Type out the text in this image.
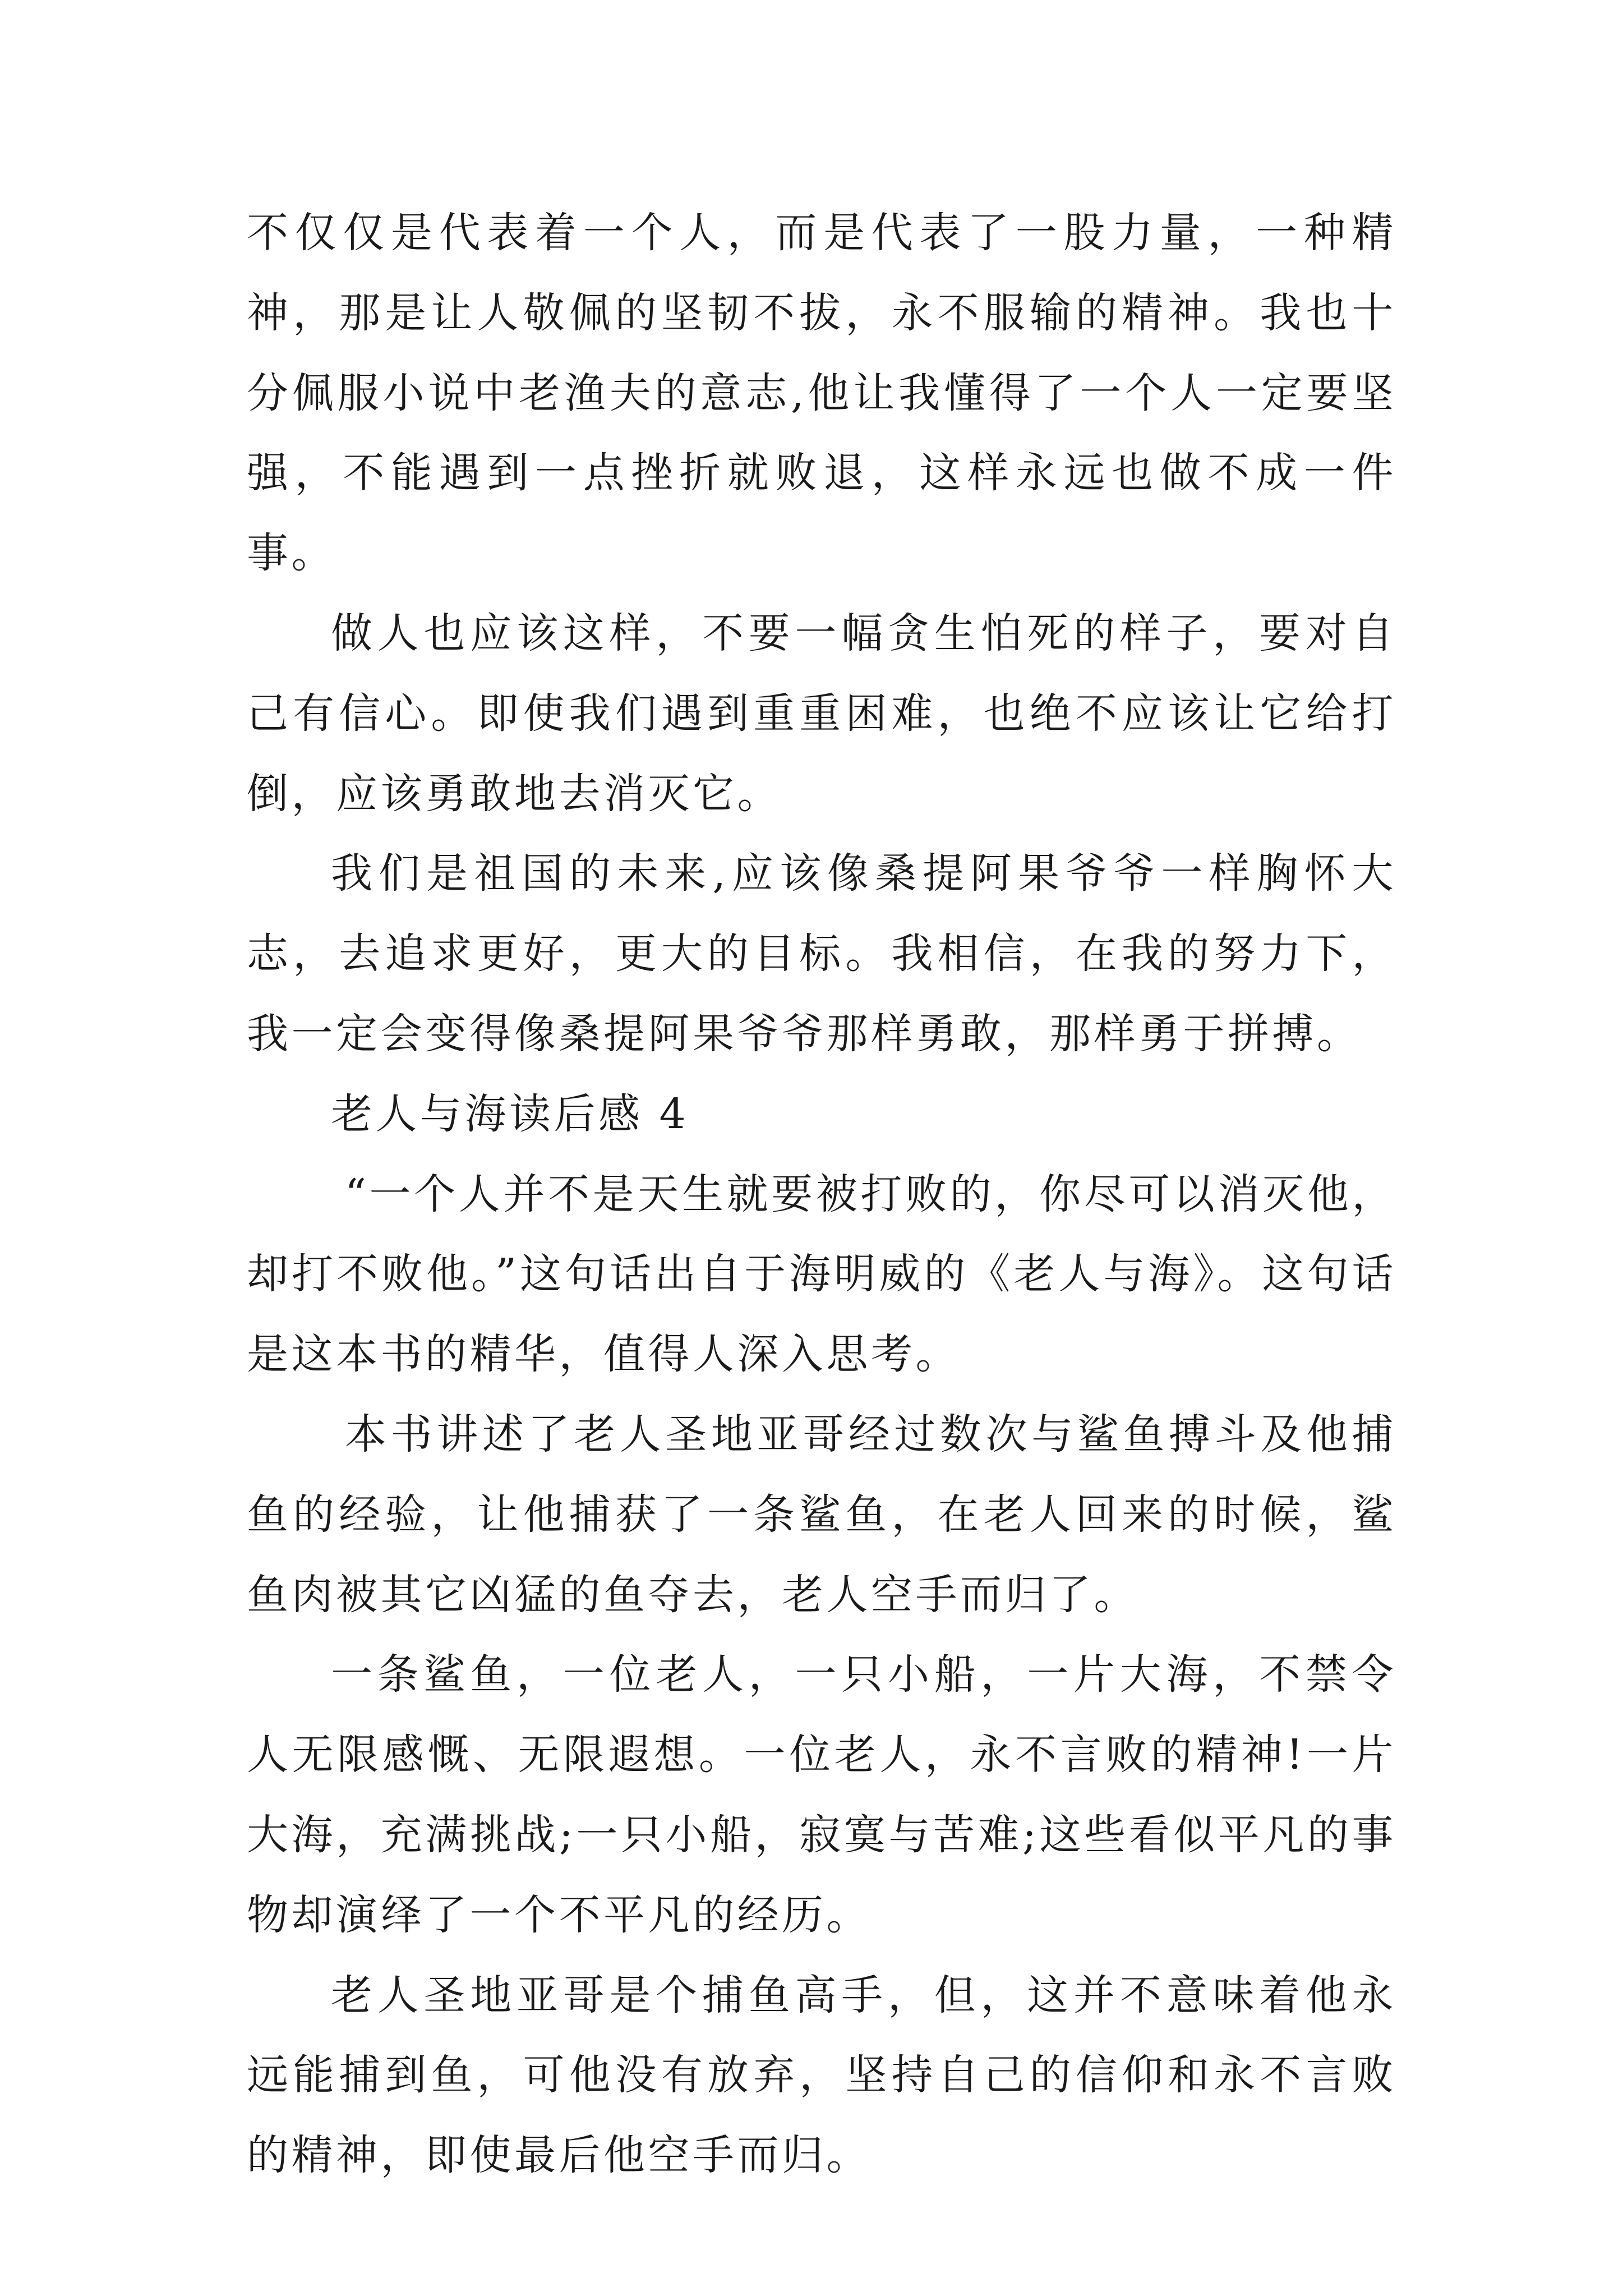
不仅仅是代表着一个人，而是代表了一股力量，一种精神，那是让人敬佩的坚韧不拔，永不服输的精神。我也十分佩服小说中老渔夫的意志,他让我懂得了一个人一定要坚强，不能遇到一点挫折就败退，这样永远也做不成一件事。

做人也应该这样，不要一幅贪生怕死的样子，要对自己有信心。即使我们遇到重重困难，也绝不应该让它给打倒，应该勇敢地去消灭它。

我们是祖国的未来,应该像桑提阿果爷爷一样胸怀大志，去追求更好，更大的目标。我相信，在我的努力下，我一定会变得像桑提阿果爷爷那样勇敢，那样勇于拼搏。

老人与海读后感 4

“一个人并不是天生就要被打败的，你尽可以消灭他，却打不败他。”这句话出自于海明威的《老人与海》。这句话是这本书的精华，值得人深入思考。

本书讲述了老人圣地亚哥经过数次与鲨鱼搏斗及他捕鱼的经验，让他捕获了一条鲨鱼，在老人回来的时候，鲨鱼肉被其它凶猛的鱼夺去，老人空手而归了。

一条鲨鱼，一位老人，一只小船，一片大海，不禁令人无限感慨、无限遐想。一位老人，永不言败的精神!一片大海，充满挑战;一只小船，寂寞与苦难;这些看似平凡的事物却演绎了一个不平凡的经历。

老人圣地亚哥是个捕鱼高手，但，这并不意味着他永远能捕到鱼，可他没有放弃，坚持自己的信仰和永不言败的精神，即使最后他空手而归。
